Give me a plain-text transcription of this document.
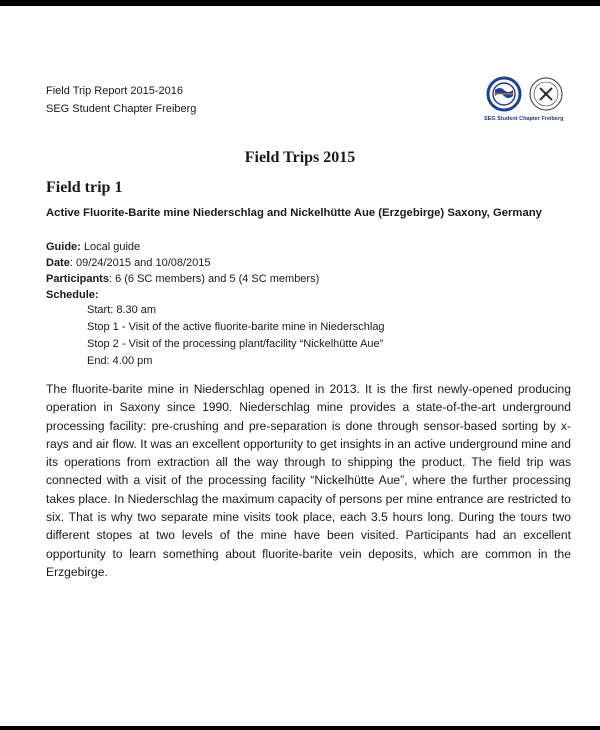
Field Trip Report 2015-2016
SEG Student Chapter Freiberg
SEG Student Chapter Freiberg
Field Trips 2015
Field trip 1
Active Fluorite-Barite mine Niederschlag and Nickelhütte Aue (Erzgebirge) Saxony, Germany
Guide: Local guide
Date: 09/24/2015 and 10/08/2015
Participants: 6 (6 SC members) and 5 (4 SC members)
Schedule:
Start: 8.30 am
Stop 1 - Visit of the active fluorite-barite mine in Niederschlag
Stop 2 - Visit of the processing plant/facility “Nickelhütte Aue”
End: 4.00 pm
The fluorite-barite mine in Niederschlag opened in 2013. It is the first newly-opened producing operation in Saxony since 1990. Niederschlag mine provides a state-of-the-art underground processing facility: pre-crushing and pre-separation is done through sensor-based sorting by x-rays and air flow. It was an excellent opportunity to get insights in an active underground mine and its operations from extraction all the way through to shipping the product. The field trip was connected with a visit of the processing facility “Nickelhütte Aue”, where the further processing takes place. In Niederschlag the maximum capacity of persons per mine entrance are restricted to six. That is why two separate mine visits took place, each 3.5 hours long. During the tours two different stopes at two levels of the mine have been visited. Participants had an excellent opportunity to learn something about fluorite-barite vein deposits, which are common in the Erzgebirge.
